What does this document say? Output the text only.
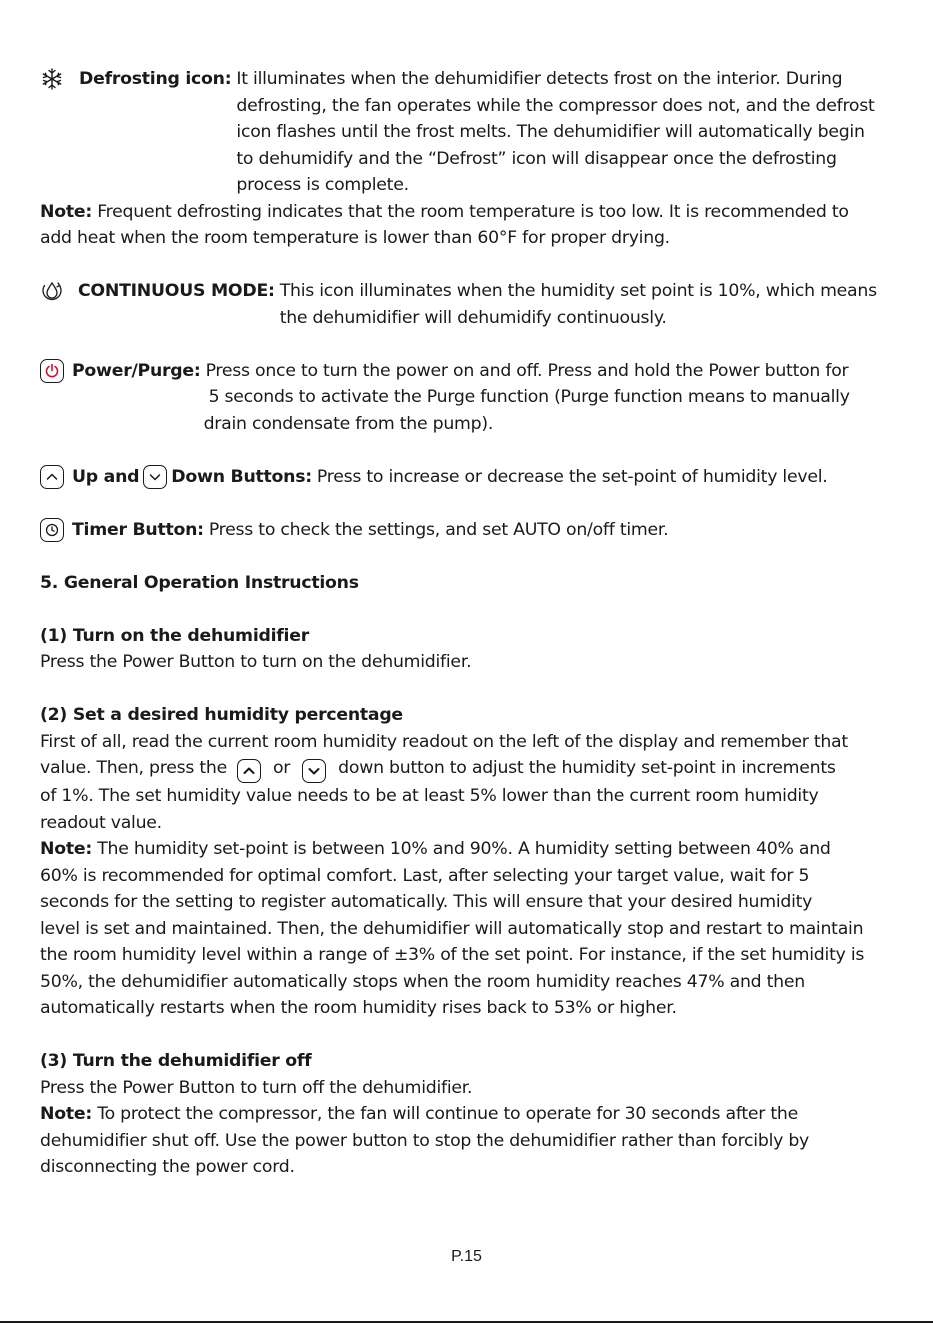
Defrosting icon: It illuminates when the dehumidifier detects frost on the interior. During
defrosting, the fan operates while the compressor does not, and the defrost
icon flashes until the frost melts. The dehumidifier will automatically begin
to dehumidify and the “Defrost” icon will disappear once the defrosting
process is complete.
Note: Frequent defrosting indicates that the room temperature is too low. It is recommended to
add heat when the room temperature is lower than 60°F for proper drying.
CONTINUOUS MODE: This icon illuminates when the humidity set point is 10%, which means
the dehumidifier will dehumidify continuously.
Power/Purge: Press once to turn the power on and off. Press and hold the Power button for
5 seconds to activate the Purge function (Purge function means to manually
drain condensate from the pump).
Up and Down Buttons: Press to increase or decrease the set-point of humidity level.
Timer Button: Press to check the settings, and set AUTO on/off timer.
5. General Operation Instructions
(1) Turn on the dehumidifier
Press the Power Button to turn on the dehumidifier.
(2) Set a desired humidity percentage
First of all, read the current room humidity readout on the left of the display and remember that
value. Then, press the	or	down button to adjust the humidity set-point in increments
of 1%. The set humidity value needs to be at least 5% lower than the current room humidity
readout value.
Note: The humidity set-point is between 10% and 90%. A humidity setting between 40% and
60% is recommended for optimal comfort. Last, after selecting your target value, wait for 5
seconds for the setting to register automatically. This will ensure that your desired humidity
level is set and maintained. Then, the dehumidifier will automatically stop and restart to maintain
the room humidity level within a range of ±3% of the set point. For instance, if the set humidity is
50%, the dehumidifier automatically stops when the room humidity reaches 47% and then
automatically restarts when the room humidity rises back to 53% or higher.
(3) Turn the dehumidifier off
Press the Power Button to turn off the dehumidifier.
Note: To protect the compressor, the fan will continue to operate for 30 seconds after the
dehumidifier shut off. Use the power button to stop the dehumidifier rather than forcibly by
disconnecting the power cord.
P.15
